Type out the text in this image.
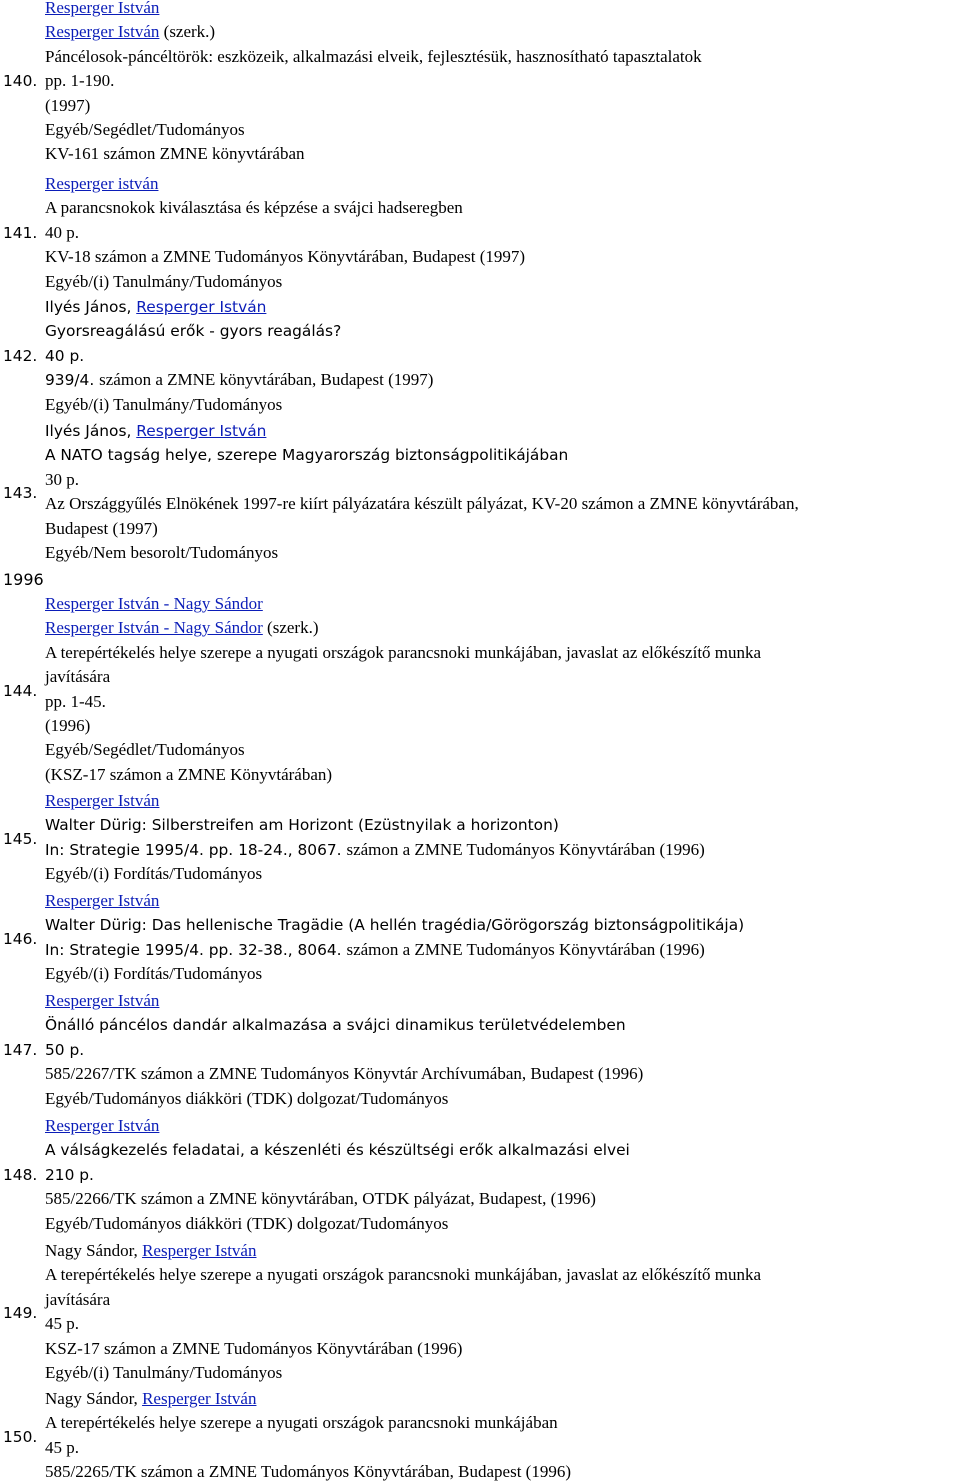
140.
Resperger István
Resperger István (szerk.)
Páncélosok-páncéltörök: eszközeik, alkalmazási elveik, fejlesztésük, hasznosítható tapasztalatok
pp. 1-190.
(1997)
Egyéb/Segédlet/Tudományos
KV-161 számon ZMNE könyvtárában
141.
Resperger istván
A parancsnokok kiválasztása és képzése a svájci hadseregben
40 p.
KV-18 számon a ZMNE Tudományos Könyvtárában, Budapest (1997)
Egyéb/(i) Tanulmány/Tudományos
142.
Ilyés János, Resperger István
Gyorsreagálású erők - gyors reagálás?
40 p.
939/4. számon a ZMNE könyvtárában, Budapest (1997)
Egyéb/(i) Tanulmány/Tudományos
143.
Ilyés János, Resperger István
A NATO tagság helye, szerepe Magyarország biztonságpolitikájában
30 p.
Az Országgyűlés Elnökének 1997-re kiírt pályázatára készült pályázat, KV-20 számon a ZMNE könyvtárában,
Budapest (1997)
Egyéb/Nem besorolt/Tudományos
1996
144.
Resperger István - Nagy Sándor
Resperger István - Nagy Sándor (szerk.)
A terepértékelés helye szerepe a nyugati országok parancsnoki munkájában, javaslat az előkészítő munka
javítására
pp. 1-45.
(1996)
Egyéb/Segédlet/Tudományos
(KSZ-17 számon a ZMNE Könyvtárában)
145.
Resperger István
Walter Dürig: Silberstreifen am Horizont (Ezüstnyilak a horizonton)
In: Strategie 1995/4. pp. 18-24., 8067. számon a ZMNE Tudományos Könyvtárában (1996)
Egyéb/(i) Fordítás/Tudományos
146.
Resperger István
Walter Dürig: Das hellenische Tragädie (A hellén tragédia/Görögország biztonságpolitikája)
In: Strategie 1995/4. pp. 32-38., 8064. számon a ZMNE Tudományos Könyvtárában (1996)
Egyéb/(i) Fordítás/Tudományos
147.
Resperger István
Önálló páncélos dandár alkalmazása a svájci dinamikus területvédelemben
50 p.
585/2267/TK számon a ZMNE Tudományos Könyvtár Archívumában, Budapest (1996)
Egyéb/Tudományos diákköri (TDK) dolgozat/Tudományos
148.
Resperger István
A válságkezelés feladatai, a készenléti és készültségi erők alkalmazási elvei
210 p.
585/2266/TK számon a ZMNE könyvtárában, OTDK pályázat, Budapest, (1996)
Egyéb/Tudományos diákköri (TDK) dolgozat/Tudományos
149.
Nagy Sándor, Resperger István
A terepértékelés helye szerepe a nyugati országok parancsnoki munkájában, javaslat az előkészítő munka
javítására
45 p.
KSZ-17 számon a ZMNE Tudományos Könyvtárában (1996)
Egyéb/(i) Tanulmány/Tudományos
150.
Nagy Sándor, Resperger István
A terepértékelés helye szerepe a nyugati országok parancsnoki munkájában
45 p.
585/2265/TK számon a ZMNE Tudományos Könyvtárában, Budapest (1996)
